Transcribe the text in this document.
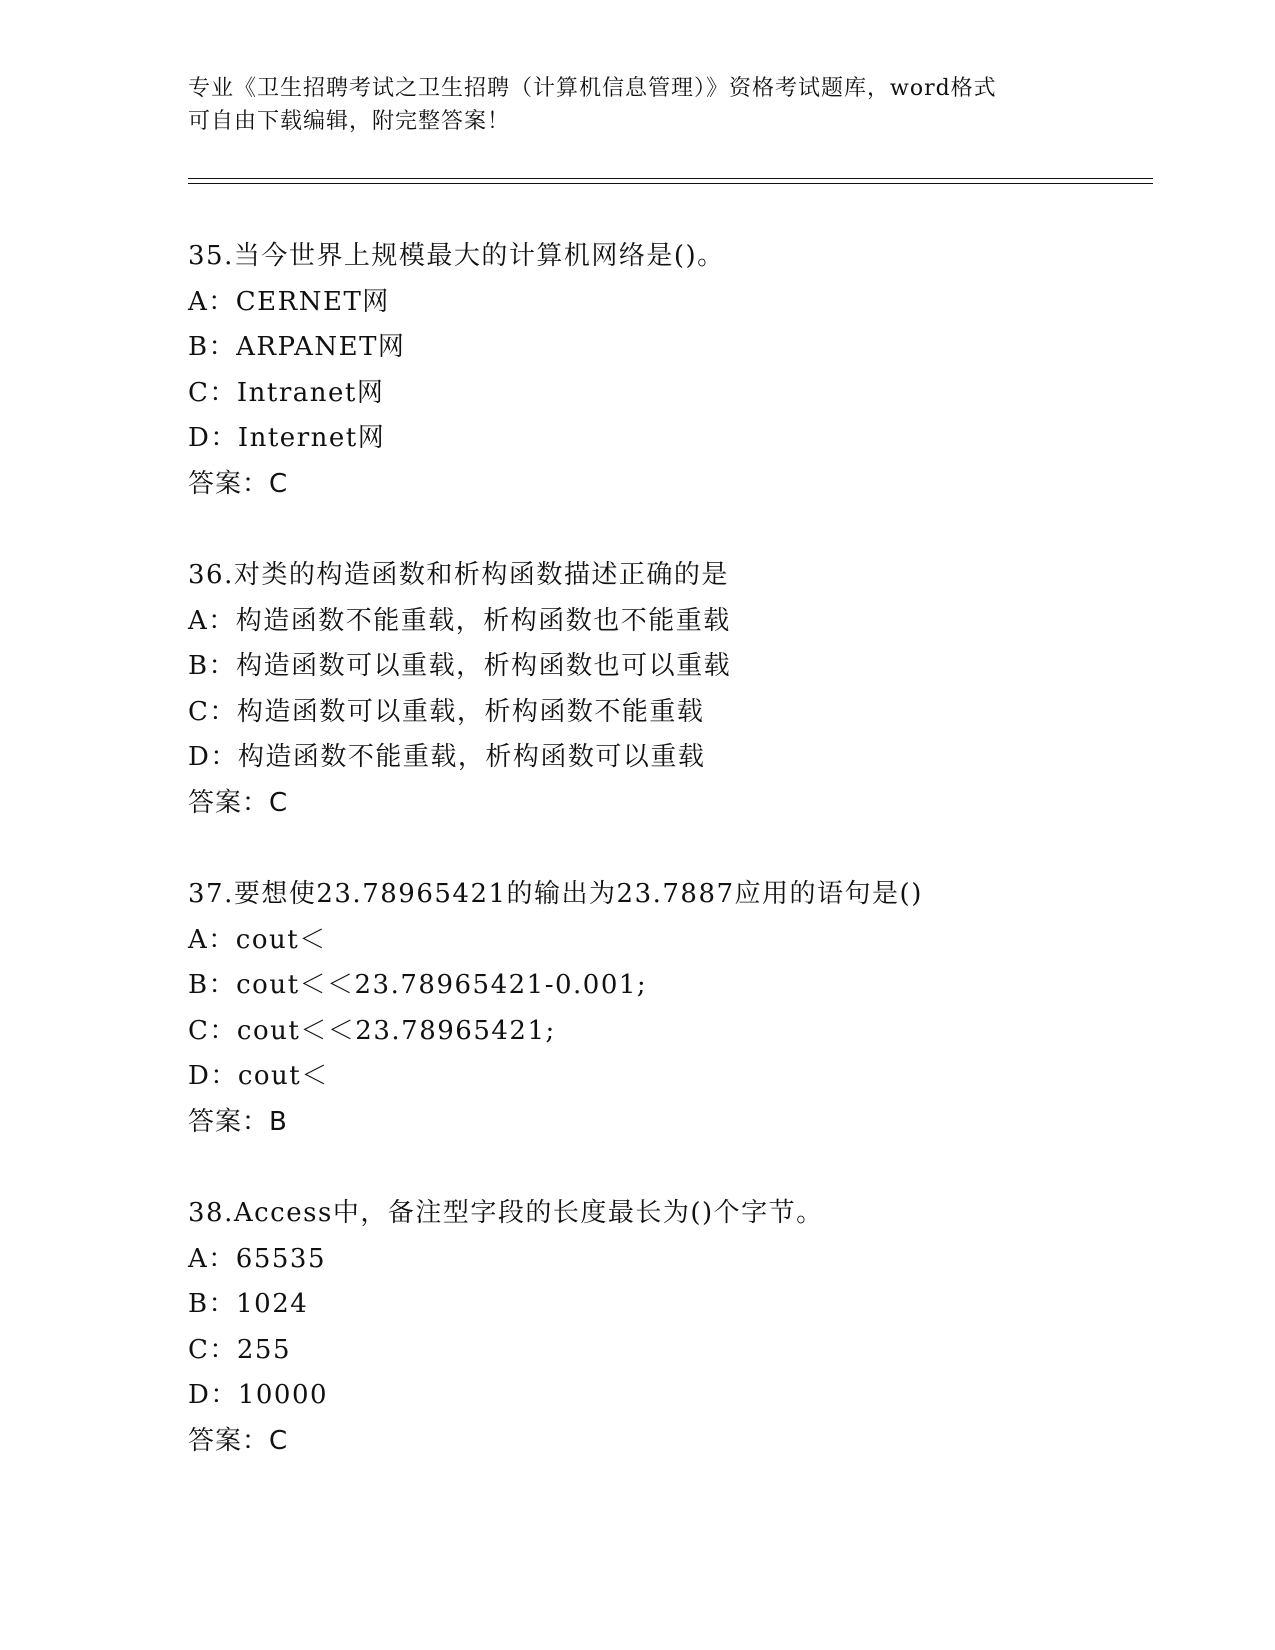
专业《卫生招聘考试之卫生招聘（计算机信息管理）》资格考试题库，word格式
可自由下载编辑，附完整答案！
35.当今世界上规模最大的计算机网络是()。
A：CERNET网
B：ARPANET网
C：Intranet网
D：Internet网
答案：C
36.对类的构造函数和析构函数描述正确的是
A：构造函数不能重载，析构函数也不能重载
B：构造函数可以重载，析构函数也可以重载
C：构造函数可以重载，析构函数不能重载
D：构造函数不能重载，析构函数可以重载
答案：C
37.要想使23.78965421的输出为23.7887应用的语句是()
A：cout＜
B：cout＜＜23.78965421-0.001;
C：cout＜＜23.78965421;
D：cout＜
答案：B
38.Access中，备注型字段的长度最长为()个字节。
A：65535
B：1024
C：255
D：10000
答案：C
